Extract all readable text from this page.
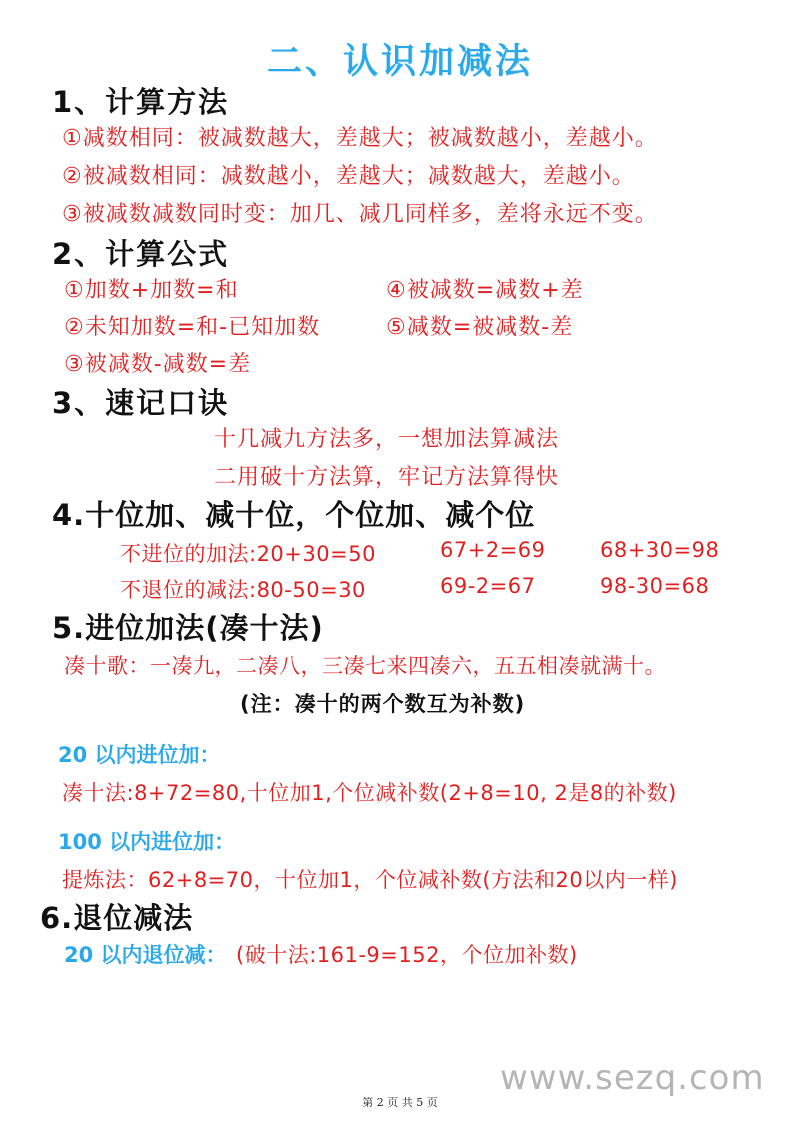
二、认识加减法
1、计算方法
①减数相同：被减数越大，差越大；被减数越小，差越小。
②被减数相同：减数越小，差越大；减数越大，差越小。
③被减数减数同时变：加几、减几同样多，差将永远不变。
2、计算公式
①加数+加数=和	④被减数=减数+差
②未知加数=和-已知加数	⑤减数=被减数-差
③被减数-减数=差
3、速记口诀
十几减九方法多，一想加法算减法
二用破十方法算，牢记方法算得快
4.十位加、减十位，个位加、减个位
不进位的加法:20+30=50	67+2=69	68+30=98
不退位的减法:80-50=30	69-2=67	98-30=68
5.进位加法(凑十法)
凑十歌：一凑九，二凑八，三凑七来四凑六，五五相凑就满十。
(注：凑十的两个数互为补数)
20 以内进位加：
凑十法:8+72=80,十位加1,个位减补数(2+8=10, 2是8的补数)
100 以内进位加：
提炼法：62+8=70，十位加1，个位减补数(方法和20以内一样)
6.退位减法
20 以内退位减： (破十法:161-9=152，个位加补数)
www.sezq.com
第 2 页 共 5 页
